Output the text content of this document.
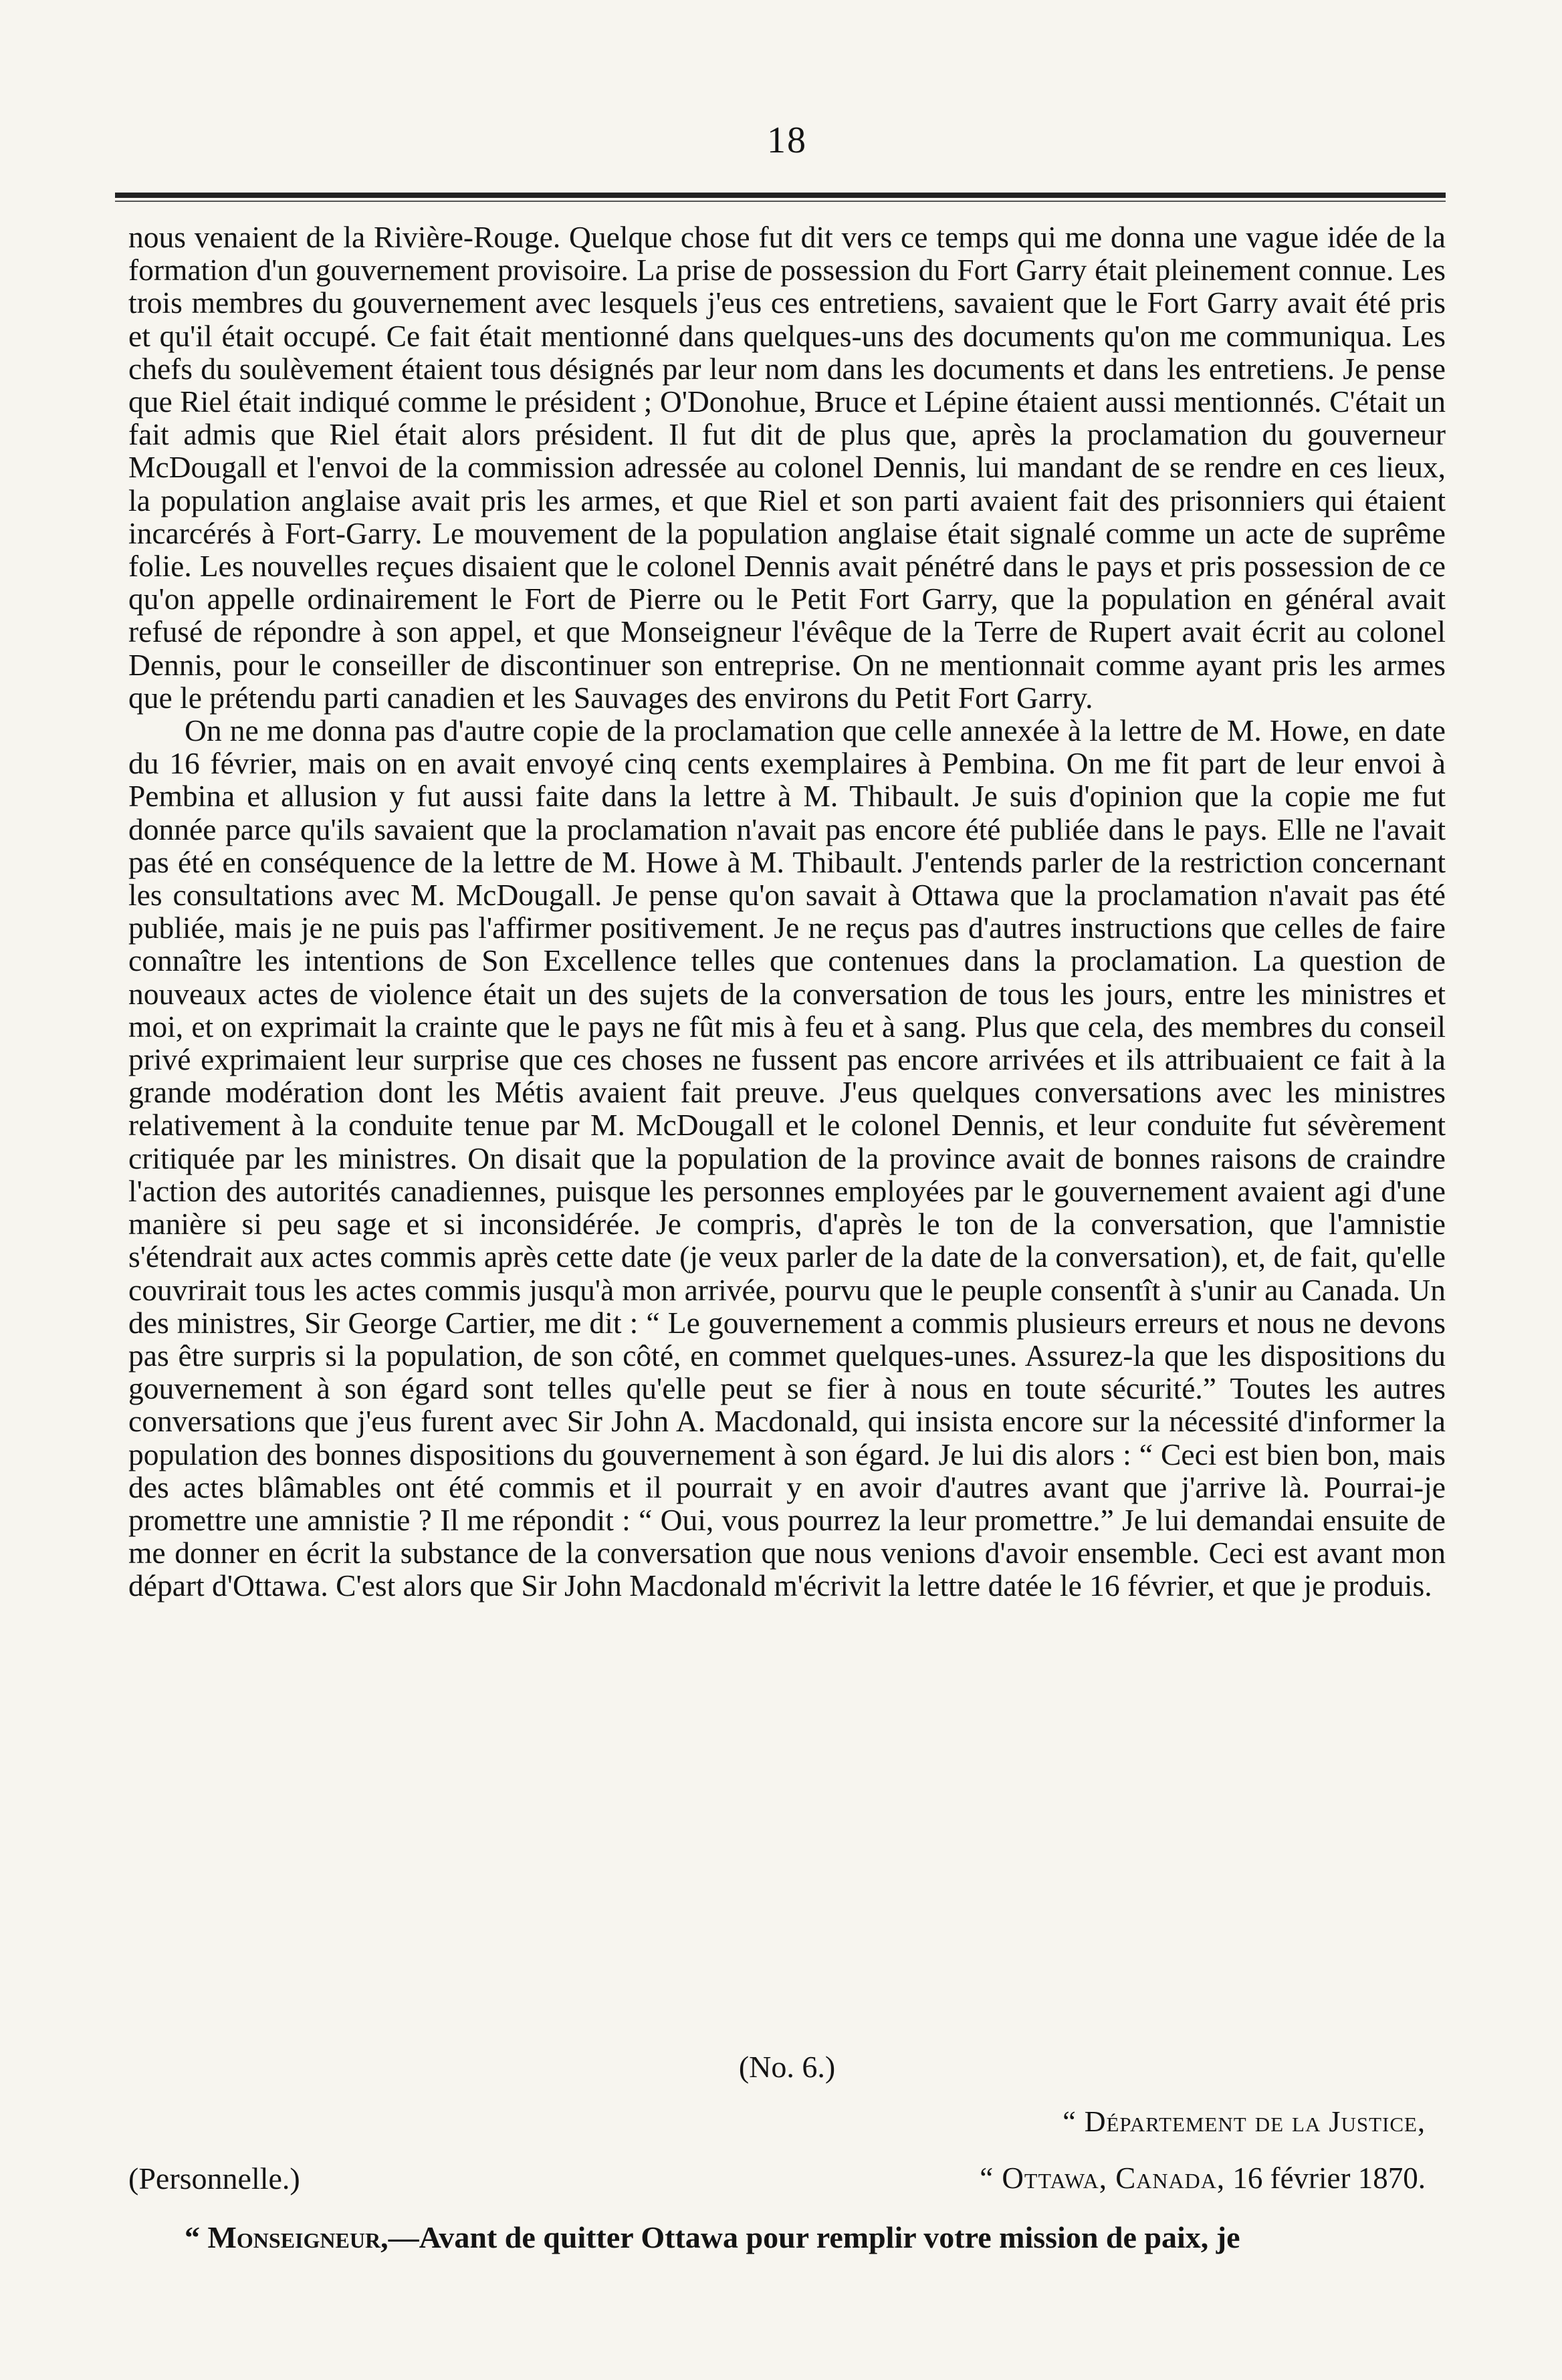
18

nous venaient de la Rivière-Rouge. Quelque chose fut dit vers ce temps qui me donna une vague idée de la formation d'un gouvernement provisoire. La prise de possession du Fort Garry était pleinement connue. Les trois membres du gouvernement avec lesquels j'eus ces entretiens, savaient que le Fort Garry avait été pris et qu'il était occupé. Ce fait était mentionné dans quelques-uns des documents qu'on me communiqua. Les chefs du soulèvement étaient tous désignés par leur nom dans les documents et dans les entretiens. Je pense que Riel était indiqué comme le président ; O'Donohue, Bruce et Lépine étaient aussi mentionnés. C'était un fait admis que Riel était alors président. Il fut dit de plus que, après la proclamation du gouverneur McDougall et l'envoi de la commission adressée au colonel Dennis, lui mandant de se rendre en ces lieux, la population anglaise avait pris les armes, et que Riel et son parti avaient fait des prisonniers qui étaient incarcérés à Fort-Garry. Le mouvement de la population anglaise était signalé comme un acte de suprême folie. Les nouvelles reçues disaient que le colonel Dennis avait pénétré dans le pays et pris possession de ce qu'on appelle ordinairement le Fort de Pierre ou le Petit Fort Garry, que la population en général avait refusé de répondre à son appel, et que Monseigneur l'évêque de la Terre de Rupert avait écrit au colonel Dennis, pour le conseiller de discontinuer son entreprise. On ne mentionnait comme ayant pris les armes que le prétendu parti canadien et les Sauvages des environs du Petit Fort Garry.

On ne me donna pas d'autre copie de la proclamation que celle annexée à la lettre de M. Howe, en date du 16 février, mais on en avait envoyé cinq cents exemplaires à Pembina. On me fit part de leur envoi à Pembina et allusion y fut aussi faite dans la lettre à M. Thibault. Je suis d'opinion que la copie me fut donnée parce qu'ils savaient que la proclamation n'avait pas encore été publiée dans le pays. Elle ne l'avait pas été en conséquence de la lettre de M. Howe à M. Thibault. J'entends parler de la restriction concernant les consultations avec M. McDougall. Je pense qu'on savait à Ottawa que la proclamation n'avait pas été publiée, mais je ne puis pas l'affirmer positivement. Je ne reçus pas d'autres instructions que celles de faire connaître les intentions de Son Excellence telles que contenues dans la proclamation. La question de nouveaux actes de violence était un des sujets de la conversation de tous les jours, entre les ministres et moi, et on exprimait la crainte que le pays ne fût mis à feu et à sang. Plus que cela, des membres du conseil privé exprimaient leur surprise que ces choses ne fussent pas encore arrivées et ils attribuaient ce fait à la grande modération dont les Métis avaient fait preuve. J'eus quelques conversations avec les ministres relativement à la conduite tenue par M. McDougall et le colonel Dennis, et leur conduite fut sévèrement critiquée par les ministres. On disait que la population de la province avait de bonnes raisons de craindre l'action des autorités canadiennes, puisque les personnes employées par le gouvernement avaient agi d'une manière si peu sage et si inconsidérée. Je compris, d'après le ton de la conversation, que l'amnistie s'étendrait aux actes commis après cette date (je veux parler de la date de la conversation), et, de fait, qu'elle couvrirait tous les actes commis jusqu'à mon arrivée, pourvu que le peuple consentît à s'unir au Canada. Un des ministres, Sir George Cartier, me dit : “ Le gouvernement a commis plusieurs erreurs et nous ne devons pas être surpris si la population, de son côté, en commet quelques-unes. Assurez-la que les dispositions du gouvernement à son égard sont telles qu'elle peut se fier à nous en toute sécurité.” Toutes les autres conversations que j'eus furent avec Sir John A. Macdonald, qui insista encore sur la nécessité d'informer la population des bonnes dispositions du gouvernement à son égard. Je lui dis alors : “ Ceci est bien bon, mais des actes blâmables ont été commis et il pourrait y en avoir d'autres avant que j'arrive là. Pourrai-je promettre une amnistie ? Il me répondit : “ Oui, vous pourrez la leur promettre.” Je lui demandai ensuite de me donner en écrit la substance de la conversation que nous venions d'avoir ensemble. Ceci est avant mon départ d'Ottawa. C'est alors que Sir John Macdonald m'écrivit la lettre datée le 16 février, et que je produis.

(No. 6.)
“ Département de la Justice,
(Personnelle.)	“ Ottawa, Canada, 16 février 1870.
“ Monseigneur,—Avant de quitter Ottawa pour remplir votre mission de paix, je
